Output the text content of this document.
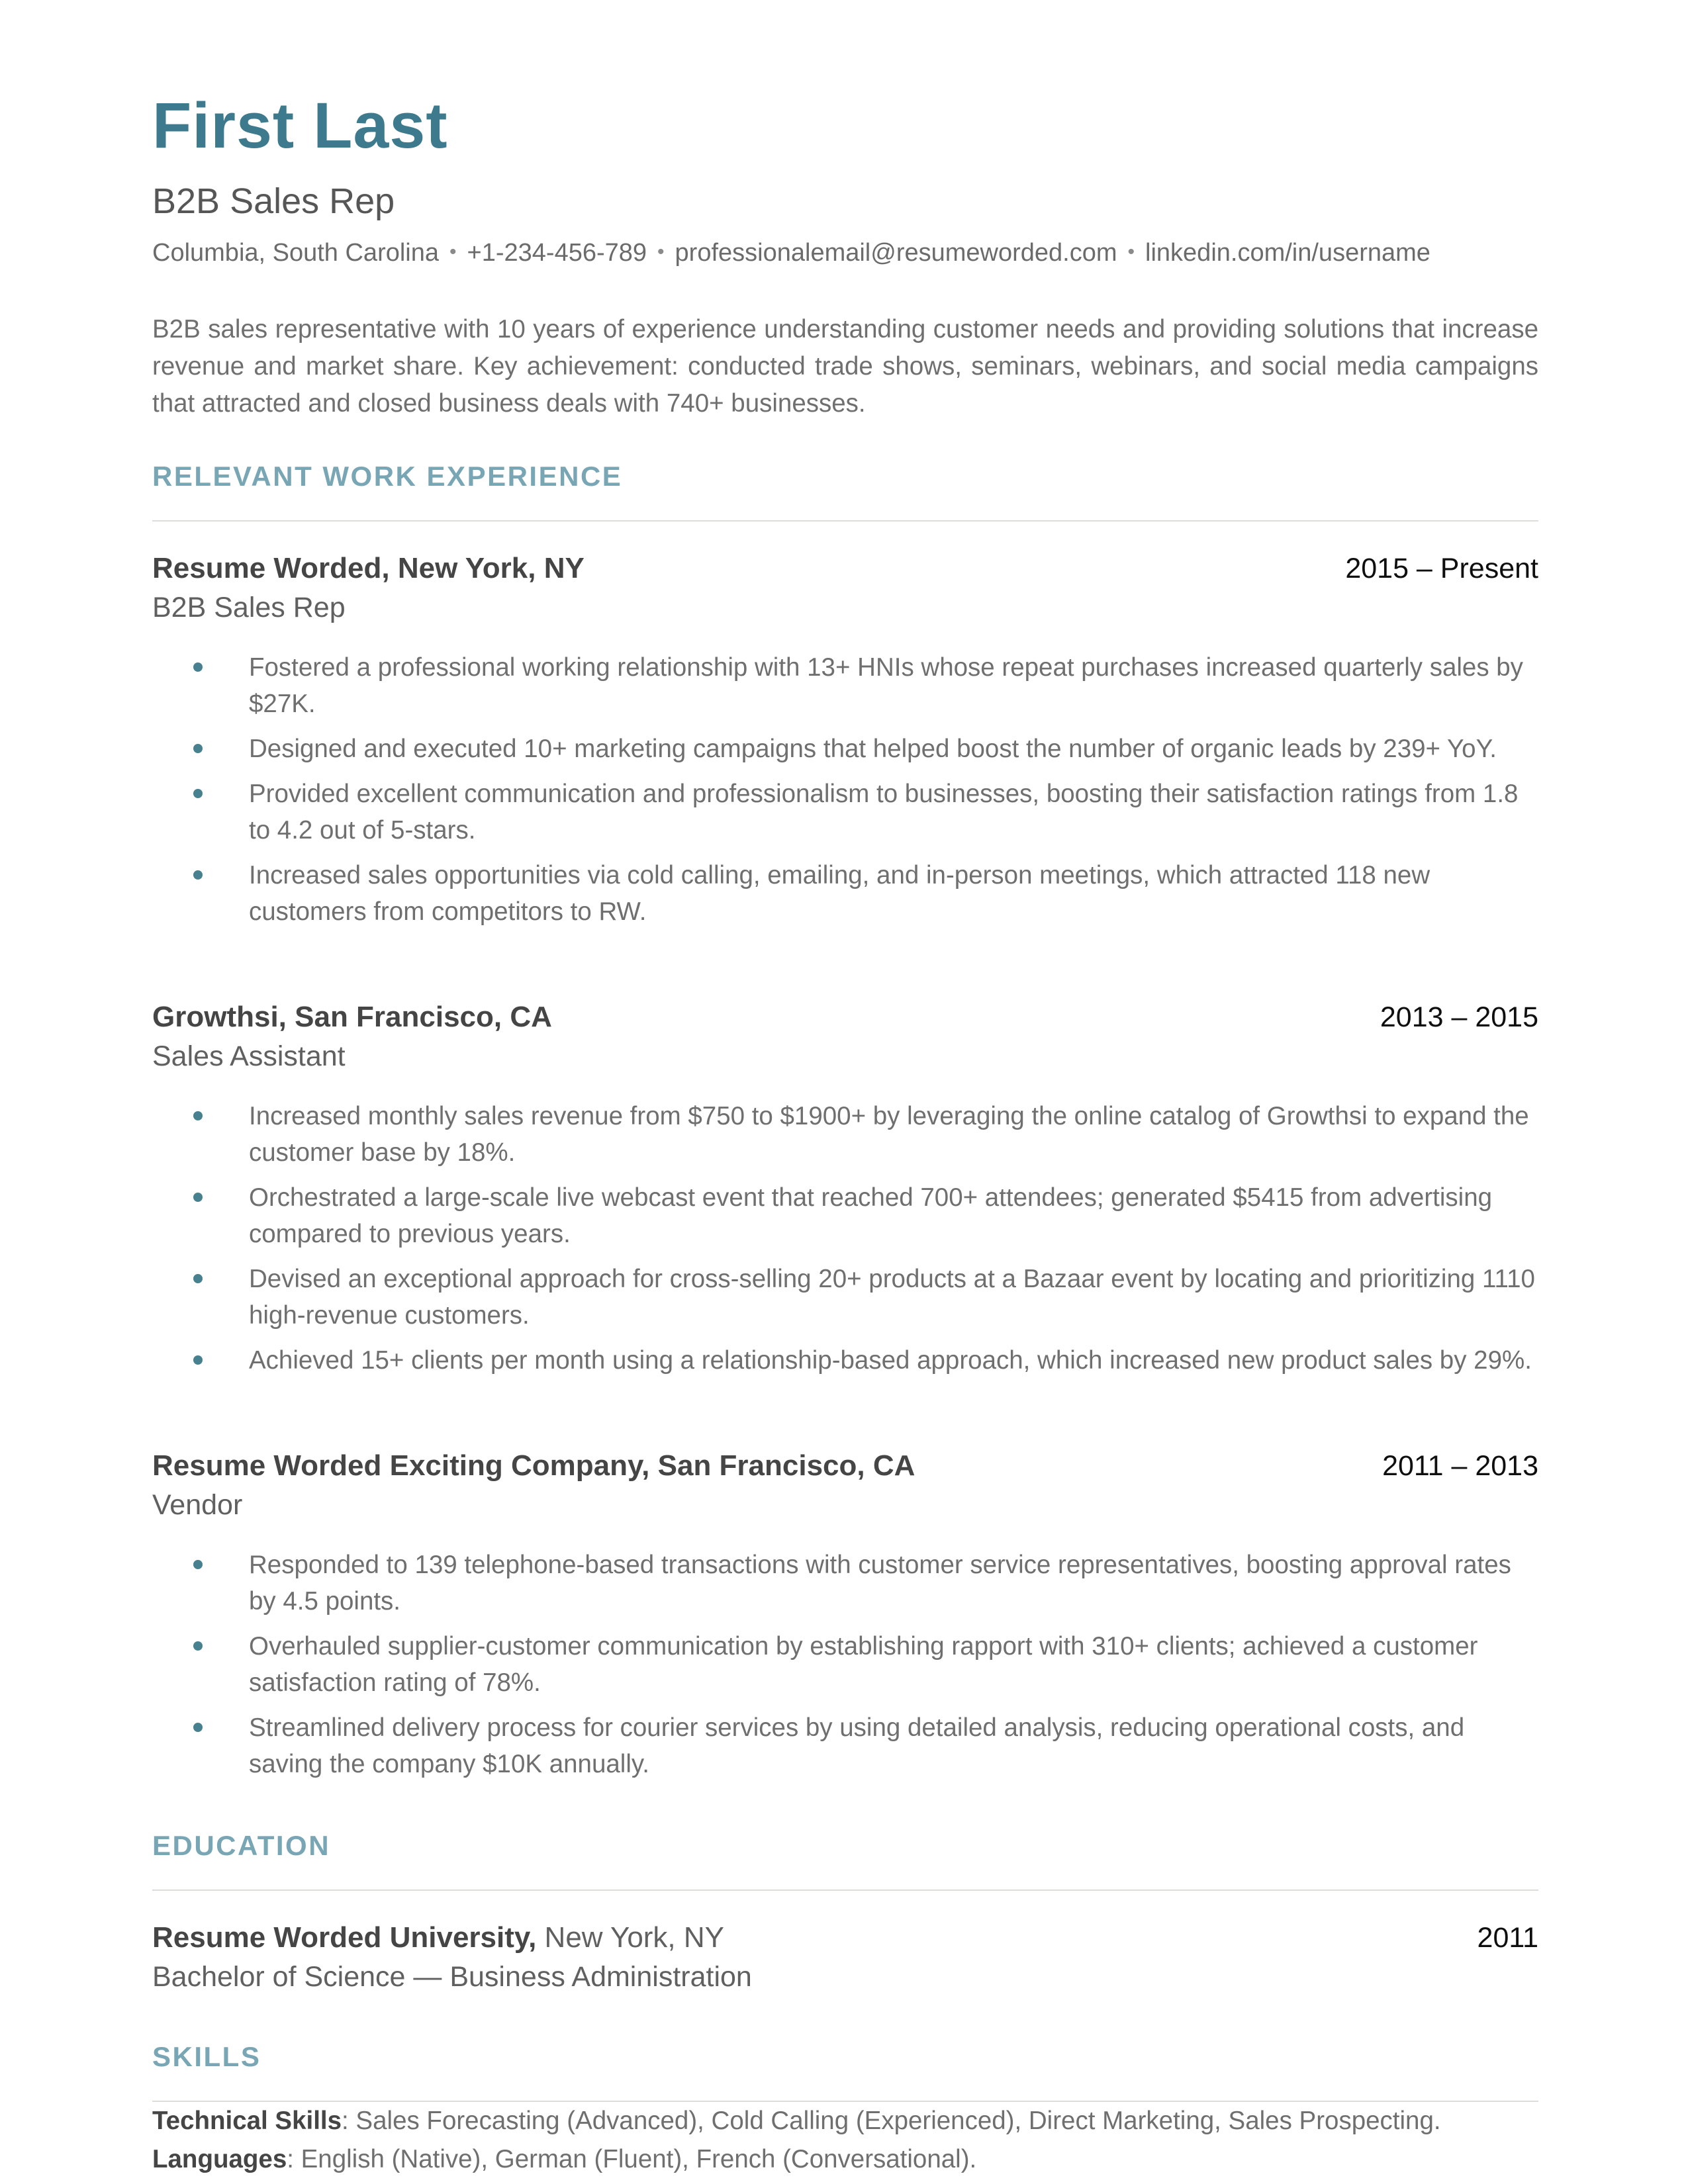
First Last
B2B Sales Rep
Columbia, South Carolina • +1-234-456-789 • professionalemail@resumeworded.com • linkedin.com/in/username

B2B sales representative with 10 years of experience understanding customer needs and providing solutions that increase revenue and market share. Key achievement: conducted trade shows, seminars, webinars, and social media campaigns that attracted and closed business deals with 740+ businesses.

RELEVANT WORK EXPERIENCE
Resume Worded, New York, NY	2015 – Present
B2B Sales Rep
Fostered a professional working relationship with 13+ HNIs whose repeat purchases increased quarterly sales by $27K.
Designed and executed 10+ marketing campaigns that helped boost the number of organic leads by 239+ YoY.
Provided excellent communication and professionalism to businesses, boosting their satisfaction ratings from 1.8 to 4.2 out of 5-stars.
Increased sales opportunities via cold calling, emailing, and in-person meetings, which attracted 118 new customers from competitors to RW.
Growthsi, San Francisco, CA	2013 – 2015
Sales Assistant
Increased monthly sales revenue from $750 to $1900+ by leveraging the online catalog of Growthsi to expand the customer base by 18%.
Orchestrated a large-scale live webcast event that reached 700+ attendees; generated $5415 from advertising compared to previous years.
Devised an exceptional approach for cross-selling 20+ products at a Bazaar event by locating and prioritizing 1110 high-revenue customers.
Achieved 15+ clients per month using a relationship-based approach, which increased new product sales by 29%.
Resume Worded Exciting Company, San Francisco, CA	2011 – 2013
Vendor
Responded to 139 telephone-based transactions with customer service representatives, boosting approval rates by 4.5 points.
Overhauled supplier-customer communication by establishing rapport with 310+ clients; achieved a customer satisfaction rating of 78%.
Streamlined delivery process for courier services by using detailed analysis, reducing operational costs, and saving the company $10K annually.
EDUCATION
Resume Worded University, New York, NY	2011
Bachelor of Science — Business Administration
SKILLS
Technical Skills: Sales Forecasting (Advanced), Cold Calling (Experienced), Direct Marketing, Sales Prospecting.
Languages: English (Native), German (Fluent), French (Conversational).
